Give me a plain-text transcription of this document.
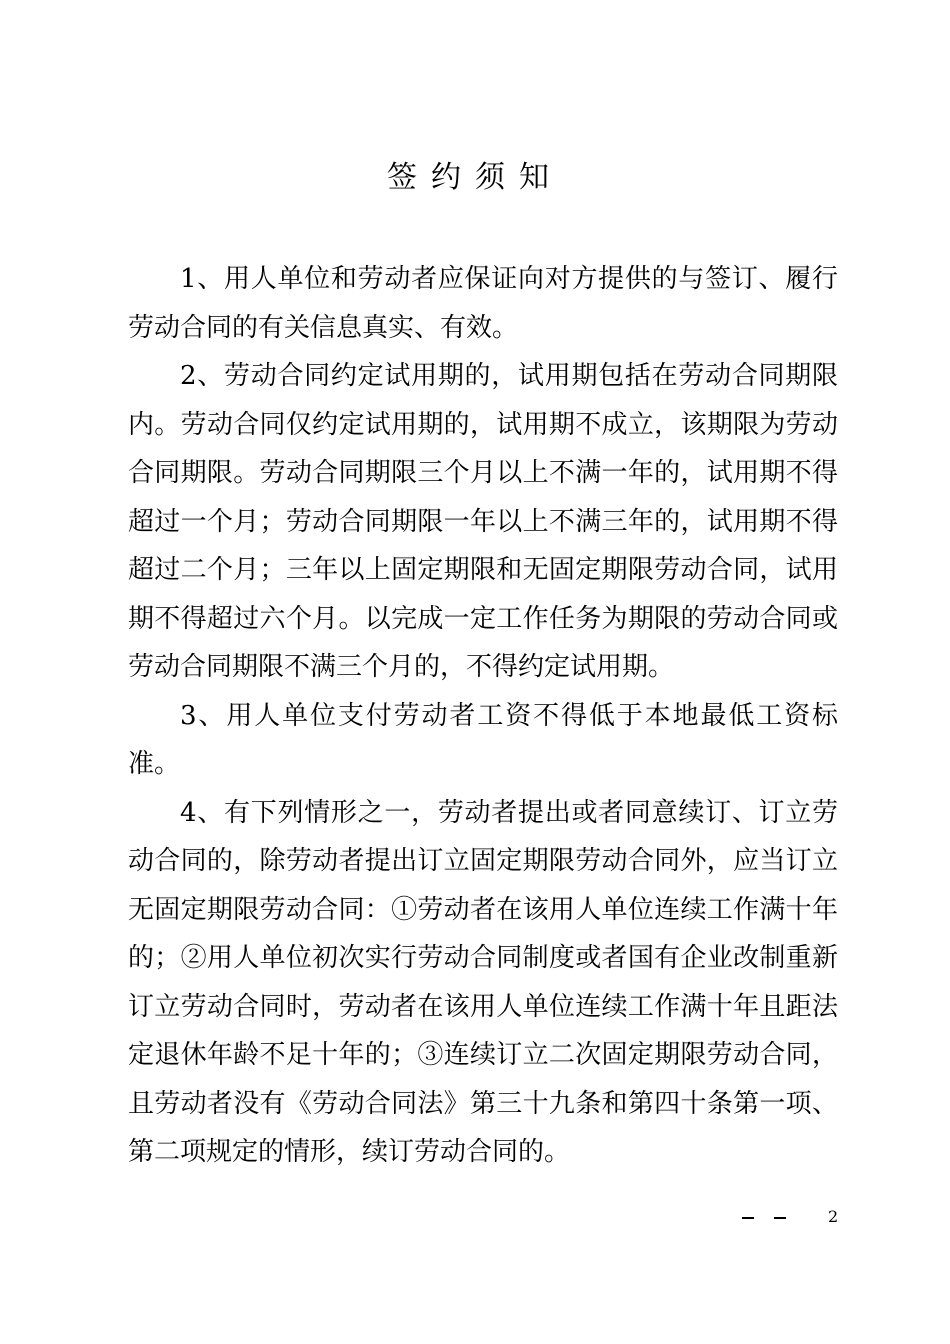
签约须知

1、用人单位和劳动者应保证向对方提供的与签订、履行劳动合同的有关信息真实、有效。

2、劳动合同约定试用期的，试用期包括在劳动合同期限内。劳动合同仅约定试用期的，试用期不成立，该期限为劳动合同期限。劳动合同期限三个月以上不满一年的，试用期不得超过一个月；劳动合同期限一年以上不满三年的，试用期不得超过二个月；三年以上固定期限和无固定期限劳动合同，试用期不得超过六个月。以完成一定工作任务为期限的劳动合同或劳动合同期限不满三个月的，不得约定试用期。

3、用人单位支付劳动者工资不得低于本地最低工资标准。

4、有下列情形之一，劳动者提出或者同意续订、订立劳动合同的，除劳动者提出订立固定期限劳动合同外，应当订立无固定期限劳动合同：①劳动者在该用人单位连续工作满十年的；②用人单位初次实行劳动合同制度或者国有企业改制重新订立劳动合同时，劳动者在该用人单位连续工作满十年且距法定退休年龄不足十年的；③连续订立二次固定期限劳动合同，且劳动者没有《劳动合同法》第三十九条和第四十条第一项、第二项规定的情形，续订劳动合同的。

2
